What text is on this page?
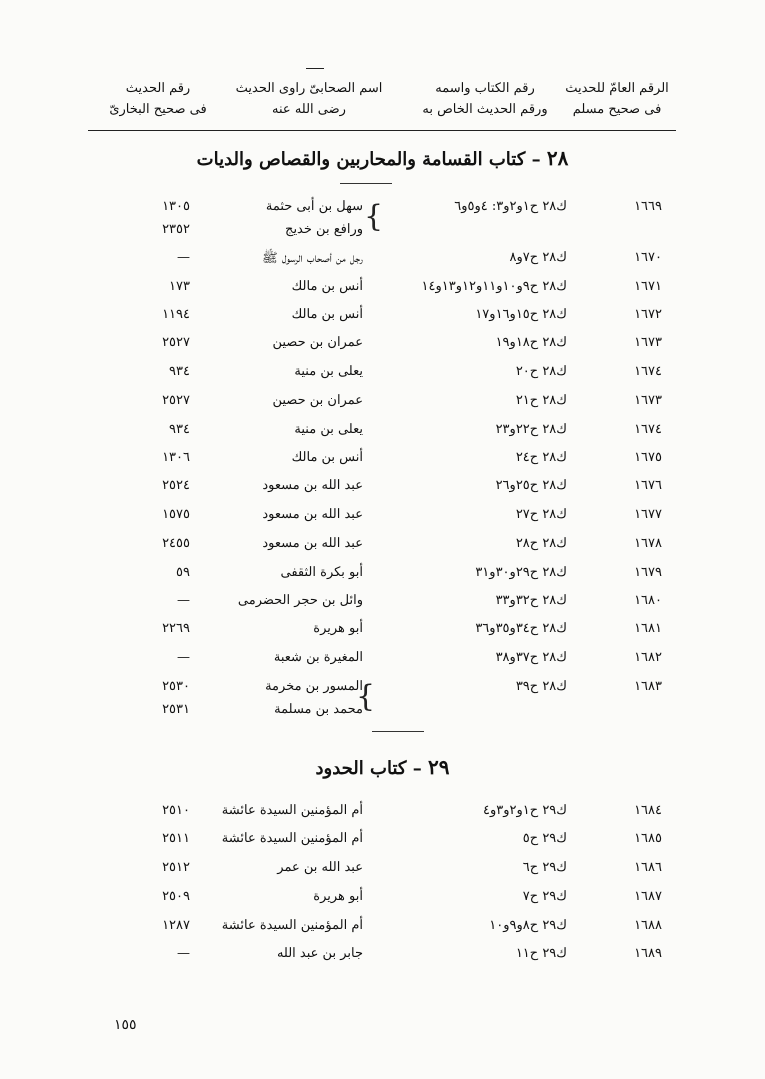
الرقم العامّ للحديث
فى صحيح مسلم
رقم الكتاب واسمه
ورقم الحديث الخاص به
اسم الصحابىّ راوى الحديث
رضى الله عنه
رقم الحديث
فى صحيح البخارىّ
٢٨ – كتاب القسامة والمحاربين والقصاص والديات
١٦٦٩
ك٢٨ ح١و٢و٣: ٤و٥و٦
سهل بن أبى حثمة
١٣٠٥
ورافع بن خديج
٢٣٥٢	{
١٦٧٠
ك٢٨ ح٧و٨
رجل من أصحاب الرسول ﷺ
—
١٦٧١
ك٢٨ ح٩و١٠و١١و١٢و١٣و١٤
أنس بن مالك
١٧٣
١٦٧٢
ك٢٨ ح١٥و١٦و١٧
أنس بن مالك
١١٩٤
١٦٧٣
ك٢٨ ح١٨و١٩
عمران بن حصين
٢٥٢٧
١٦٧٤
ك٢٨ ح٢٠
يعلى بن منية
٩٣٤
١٦٧٣
ك٢٨ ح٢١
عمران بن حصين
٢٥٢٧
١٦٧٤
ك٢٨ ح٢٢و٢٣
يعلى بن منية
٩٣٤
١٦٧٥
ك٢٨ ح٢٤
أنس بن مالك
١٣٠٦
١٦٧٦
ك٢٨ ح٢٥و٢٦
عبد الله بن مسعود
٢٥٢٤
١٦٧٧
ك٢٨ ح٢٧
عبد الله بن مسعود
١٥٧٥
١٦٧٨
ك٢٨ ح٢٨
عبد الله بن مسعود
٢٤٥٥
١٦٧٩
ك٢٨ ح٢٩و٣٠و٣١
أبو بكرة الثقفى
٥٩
١٦٨٠
ك٢٨ ح٣٢و٣٣
وائل بن حجر الحضرمى
—
١٦٨١
ك٢٨ ح٣٤و٣٥و٣٦
أبو هريرة
٢٢٦٩
١٦٨٢
ك٢٨ ح٣٧و٣٨
المغيرة بن شعبة
—
١٦٨٣
ك٢٨ ح٣٩
المسور بن مخرمة
٢٥٣٠
محمد بن مسلمة
٢٥٣١	{
٢٩ – كتاب الحدود
١٦٨٤
ك٢٩ ح١و٢و٣و٤
أم المؤمنين السيدة عائشة
٢٥١٠
١٦٨٥
ك٢٩ ح٥
أم المؤمنين السيدة عائشة
٢٥١١
١٦٨٦
ك٢٩ ح٦
عبد الله بن عمر
٢٥١٢
١٦٨٧
ك٢٩ ح٧
أبو هريرة
٢٥٠٩
١٦٨٨
ك٢٩ ح٨و٩و١٠
أم المؤمنين السيدة عائشة
١٢٨٧
١٦٨٩
ك٢٩ ح١١
جابر بن عبد الله
—
١٥٥
